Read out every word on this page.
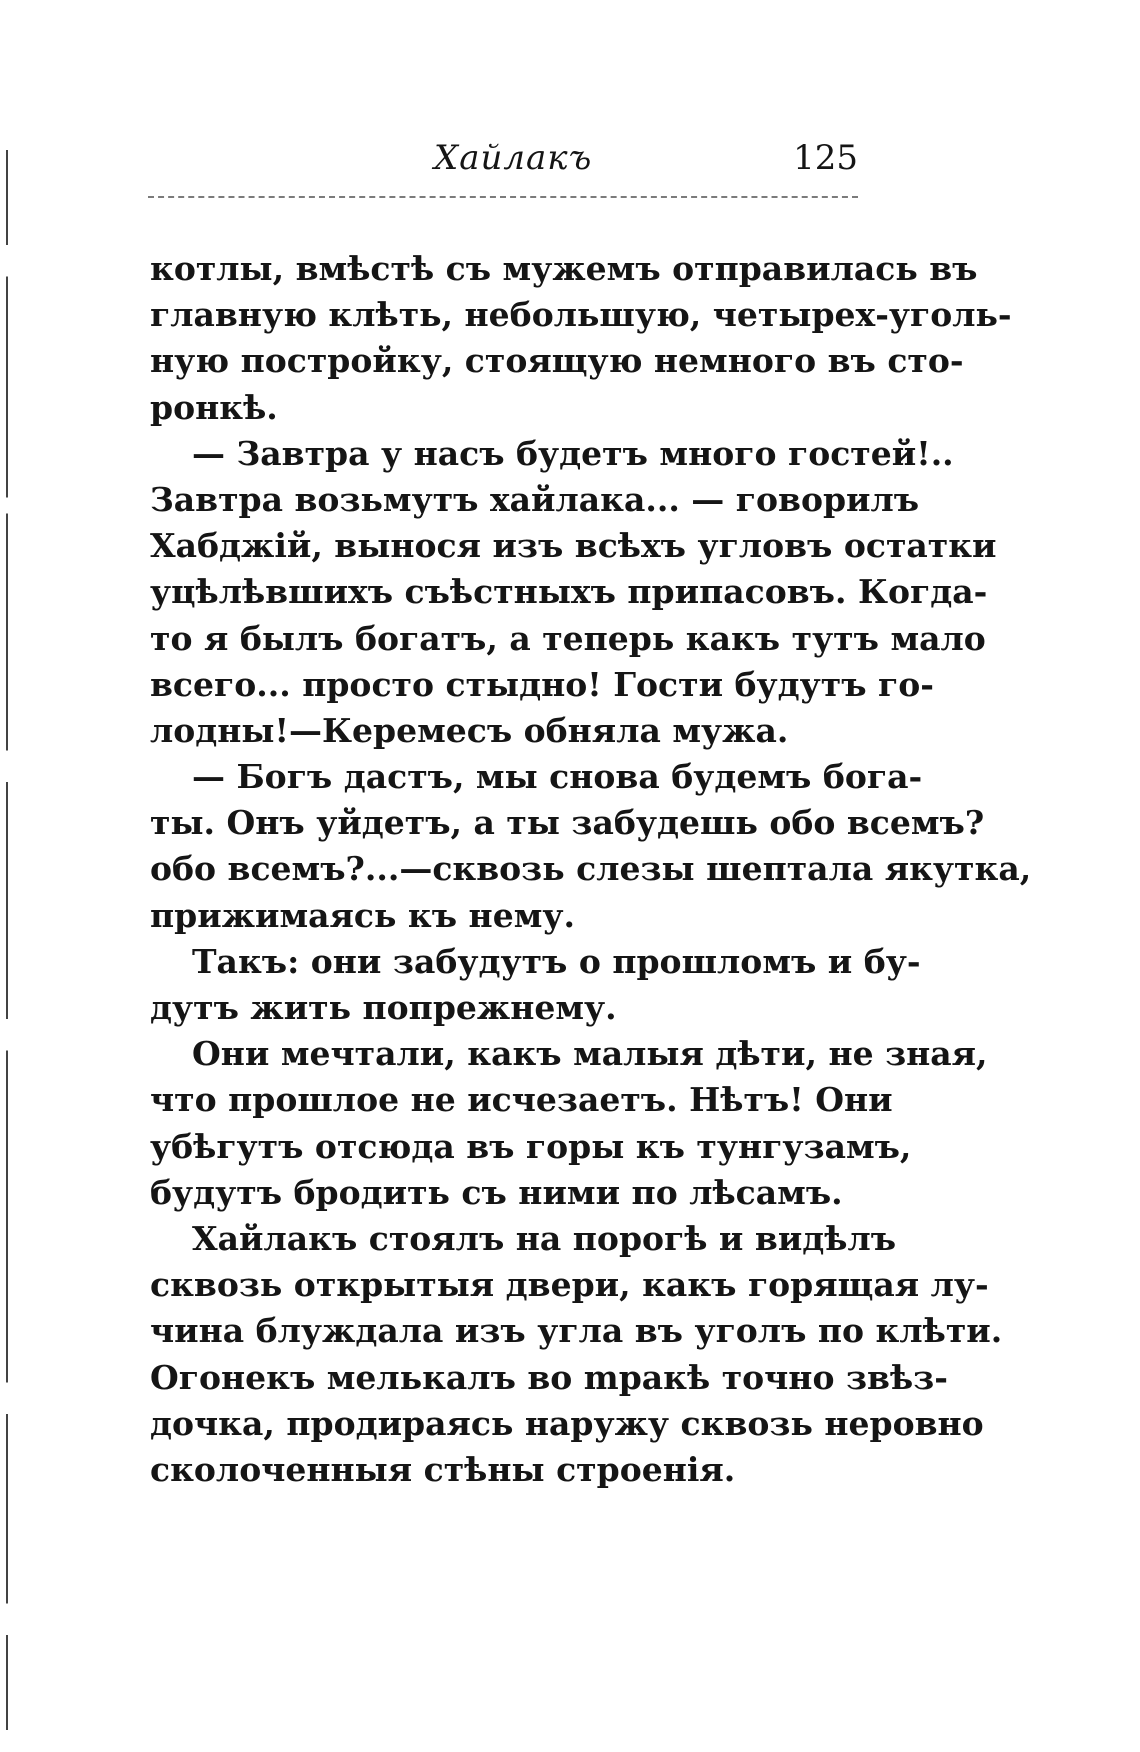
Хайлакъ	125
котлы, вмѣстѣ съ мужемъ отправилась въ
главную клѣть, небольшую, четырех-уголь-
ную постройку, стоящую немного въ сто-
ронкѣ.
— Завтра у насъ будетъ много гостей!..
Завтра возьмутъ хайлака... — говорилъ
Хабджій, вынося изъ всѣхъ угловъ остатки
уцѣлѣвшихъ съѣстныхъ припасовъ. Когда-
то я былъ богатъ, а теперь какъ тутъ мало
всего... просто стыдно! Гости будутъ го-
лодны!—Керемесъ обняла мужа.
— Богъ дастъ, мы снова будемъ бога-
ты. Онъ уйдетъ, а ты забудешь обо всемъ?
обо всемъ?...—сквозь слезы шептала якутка,
прижимаясь къ нему.
Такъ: они забудутъ о прошломъ и бу-
дутъ жить попрежнему.
Они мечтали, какъ малыя дѣти, не зная,
что прошлое не исчезаетъ. Нѣтъ! Они
убѣгутъ отсюда въ горы къ тунгузамъ,
будутъ бродить съ ними по лѣсамъ.
Хайлакъ стоялъ на порогѣ и видѣлъ
сквозь открытыя двери, какъ горящая лу-
чина блуждала изъ угла въ уголъ по клѣти.
Огонекъ мелькалъ во mракѣ точно звѣз-
дочка, продираясь наружу сквозь неровно
сколоченныя стѣны строенія.
